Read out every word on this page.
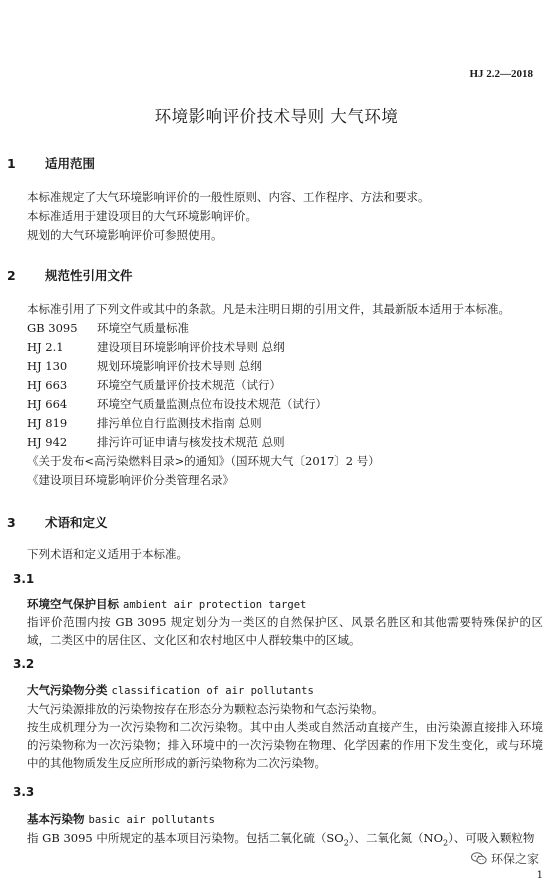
HJ 2.2—2018
环境影响评价技术导则 大气环境
1 适用范围
本标准规定了大气环境影响评价的一般性原则、内容、工作程序、方法和要求。
本标准适用于建设项目的大气环境影响评价。
规划的大气环境影响评价可参照使用。
2 规范性引用文件
本标准引用了下列文件或其中的条款。凡是未注明日期的引用文件，其最新版本适用于本标准。
GB 3095 环境空气质量标准
HJ 2.1	建设项目环境影响评价技术导则 总纲
HJ 130	规划环境影响评价技术导则 总纲
HJ 663	环境空气质量评价技术规范（试行）
HJ 664	环境空气质量监测点位布设技术规范（试行）
HJ 819	排污单位自行监测技术指南 总则
HJ 942	排污许可证申请与核发技术规范 总则
《关于发布<高污染燃料目录>的通知》（国环规大气〔2017〕2 号）
《建设项目环境影响评价分类管理名录》
3 术语和定义
下列术语和定义适用于本标准。
3.1
环境空气保护目标 ambient air protection target
指评价范围内按 GB 3095 规定划分为一类区的自然保护区、风景名胜区和其他需要特殊保护的区域，二类区中的居住区、文化区和农村地区中人群较集中的区域。
3.2
大气污染物分类 classification of air pollutants
大气污染源排放的污染物按存在形态分为颗粒态污染物和气态污染物。
按生成机理分为一次污染物和二次污染物。其中由人类或自然活动直接产生，由污染源直接排入环境的污染物称为一次污染物；排入环境中的一次污染物在物理、化学因素的作用下发生变化，或与环境中的其他物质发生反应所形成的新污染物称为二次污染物。
3.3
基本污染物 basic air pollutants
指 GB 3095 中所规定的基本项目污染物。包括二氧化硫$(SO_2)$、二氧化氮$(NO_2)$、可吸入颗粒物
环保之家
1
